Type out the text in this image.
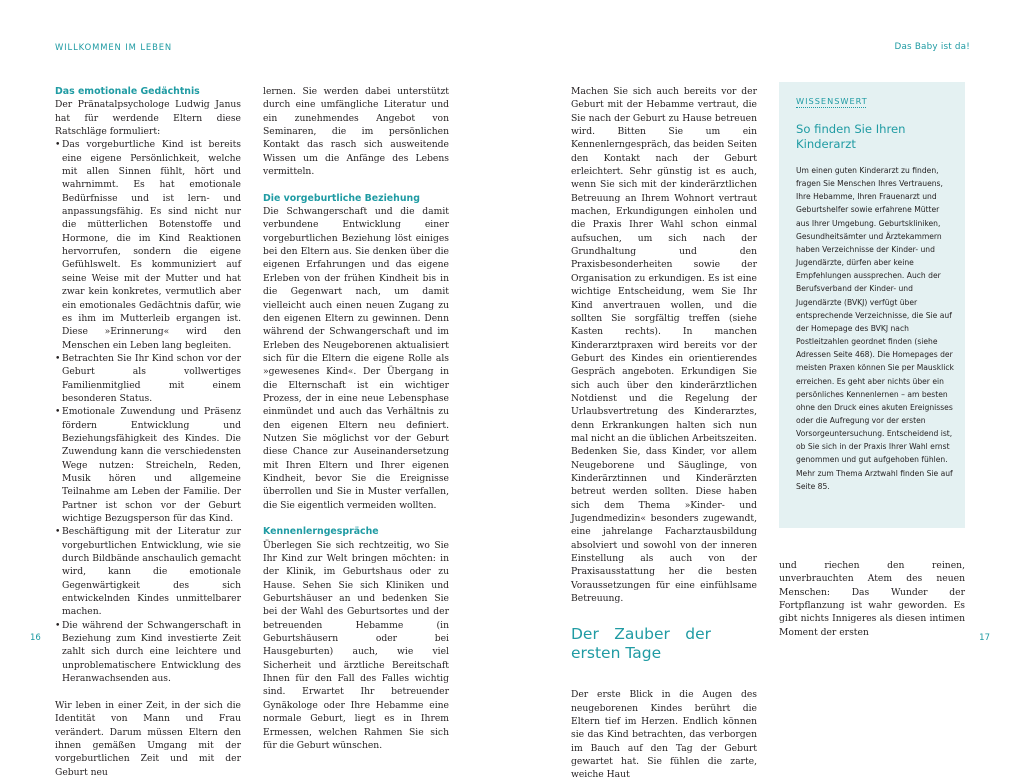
WILLKOMMEN IM LEBEN	Das Baby ist da!
Das emotionale Gedächtnis

Der Pränatalpsychologe Ludwig Janus hat für werdende Eltern diese Ratschläge formuliert:

• Das vorgeburtliche Kind ist bereits eine eigene Persönlichkeit, welche mit allen Sinnen fühlt, hört und wahrnimmt. Es hat emotionale Bedürfnisse und ist lern- und anpassungsfähig. Es sind nicht nur die mütterlichen Botenstoffe und Hormone, die im Kind Reaktionen hervorrufen, sondern die eigene Gefühlswelt. Es kommuniziert auf seine Weise mit der Mutter und hat zwar kein konkretes, vermutlich aber ein emotionales Gedächtnis dafür, wie es ihm im Mutterleib ergangen ist. Diese »Erinnerung« wird den Menschen ein Leben lang begleiten.
• Betrachten Sie Ihr Kind schon vor der Geburt als vollwertiges Familienmitglied mit einem besonderen Status.
• Emotionale Zuwendung und Präsenz fördern Entwicklung und Beziehungsfähigkeit des Kindes. Die Zuwendung kann die verschiedensten Wege nutzen: Streicheln, Reden, Musik hören und allgemeine Teilnahme am Leben der Familie. Der Partner ist schon vor der Geburt wichtige Bezugsperson für das Kind.
• Beschäftigung mit der Literatur zur vorgeburtlichen Entwicklung, wie sie durch Bildbände anschaulich gemacht wird, kann die emotionale Gegenwärtigkeit des sich entwickelnden Kindes unmittelbarer machen.
• Die während der Schwangerschaft in Beziehung zum Kind investierte Zeit zahlt sich durch eine leichtere und unproblematischere Entwicklung des Heranwachsenden aus.

Wir leben in einer Zeit, in der sich die Identität von Mann und Frau verändert. Darum müssen Eltern den ihnen gemäßen Umgang mit der vorgeburtlichen Zeit und mit der Geburt neu

lernen. Sie werden dabei unterstützt durch eine umfängliche Literatur und ein zunehmendes Angebot von Seminaren, die im persönlichen Kontakt das rasch sich ausweitende Wissen um die Anfänge des Lebens vermitteln.

Die vorgeburtliche Beziehung

Die Schwangerschaft und die damit verbundene Entwicklung einer vorgeburtlichen Beziehung löst einiges bei den Eltern aus. Sie denken über die eigenen Erfahrungen und das eigene Erleben von der frühen Kindheit bis in die Gegenwart nach, um damit vielleicht auch einen neuen Zugang zu den eigenen Eltern zu gewinnen. Denn während der Schwangerschaft und im Erleben des Neugeborenen aktualisiert sich für die Eltern die eigene Rolle als »gewesenes Kind«. Der Übergang in die Elternschaft ist ein wichtiger Prozess, der in eine neue Lebensphase einmündet und auch das Verhältnis zu den eigenen Eltern neu definiert. Nutzen Sie möglichst vor der Geburt diese Chance zur Auseinandersetzung mit Ihren Eltern und Ihrer eigenen Kindheit, bevor Sie die Ereignisse überrollen und Sie in Muster verfallen, die Sie eigentlich vermeiden wollten.

Kennenlerngespräche

Überlegen Sie sich rechtzeitig, wo Sie Ihr Kind zur Welt bringen möchten: in der Klinik, im Geburtshaus oder zu Hause. Sehen Sie sich Kliniken und Geburtshäuser an und bedenken Sie bei der Wahl des Geburtsortes und der betreuenden Hebamme (in Geburtshäusern oder bei Hausgeburten) auch, wie viel Sicherheit und ärztliche Bereitschaft Ihnen für den Fall des Falles wichtig sind. Erwartet Ihr betreuender Gynäkologe oder Ihre Hebamme eine normale Geburt, liegt es in Ihrem Ermessen, welchen Rahmen Sie sich für die Geburt wünschen.

Machen Sie sich auch bereits vor der Geburt mit der Hebamme vertraut, die Sie nach der Geburt zu Hause betreuen wird. Bitten Sie um ein Kennenlerngespräch, das beiden Seiten den Kontakt nach der Geburt erleichtert. Sehr günstig ist es auch, wenn Sie sich mit der kinderärztlichen Betreuung an Ihrem Wohnort vertraut machen, Erkundigungen einholen und die Praxis Ihrer Wahl schon einmal aufsuchen, um sich nach der Grundhaltung und den Praxisbesonderheiten sowie der Organisation zu erkundigen. Es ist eine wichtige Entscheidung, wem Sie Ihr Kind anvertrauen wollen, und die sollten Sie sorgfältig treffen (siehe Kasten rechts). In manchen Kinderarztpraxen wird bereits vor der Geburt des Kindes ein orientierendes Gespräch angeboten. Erkundigen Sie sich auch über den kinderärztlichen Notdienst und die Regelung der Urlaubsvertretung des Kinderarztes, denn Erkrankungen halten sich nun mal nicht an die üblichen Arbeitszeiten.

Bedenken Sie, dass Kinder, vor allem Neugeborene und Säuglinge, von Kinderärztinnen und Kinderärzten betreut werden sollten. Diese haben sich dem Thema »Kinder- und Jugendmedizin« besonders zugewandt, eine jahrelange Facharztausbildung absolviert und sowohl von der inneren Einstellung als auch von der Praxisausstattung her die besten Voraussetzungen für eine einfühlsame Betreuung.

Der Zauber der ersten Tage

Der erste Blick in die Augen des neugeborenen Kindes berührt die Eltern tief im Herzen. Endlich können sie das Kind betrachten, das verborgen im Bauch auf den Tag der Geburt gewartet hat. Sie fühlen die zarte, weiche Haut

und riechen den reinen, unverbrauchten Atem des neuen Menschen: Das Wunder der Fortpflanzung ist wahr geworden. Es gibt nichts Innigeres als diesen intimen Moment der ersten

WISSENSWERT
So finden Sie Ihren Kinderarzt
Um einen guten Kinderarzt zu finden, fragen Sie Menschen Ihres Vertrauens, Ihre Hebamme, Ihren Frauenarzt und Geburtshelfer sowie erfahrene Mütter aus Ihrer Umgebung. Geburtskliniken, Gesundheitsämter und Ärztekammern haben Verzeichnisse der Kinder- und Jugendärzte, dürfen aber keine Empfehlungen aussprechen. Auch der Berufsverband der Kinder- und Jugendärzte (BVKJ) verfügt über entsprechende Verzeichnisse, die Sie auf der Homepage des BVKJ nach Postleitzahlen geordnet finden (siehe Adressen Seite 468). Die Homepages der meisten Praxen können Sie per Mausklick erreichen. Es geht aber nichts über ein persönliches Kennenlernen – am besten ohne den Druck eines akuten Ereignisses oder die Aufregung vor der ersten Vorsorgeuntersuchung. Entscheidend ist, ob Sie sich in der Praxis Ihrer Wahl ernst genommen und gut aufgehoben fühlen. Mehr zum Thema Arztwahl finden Sie auf Seite 85.
16	17
